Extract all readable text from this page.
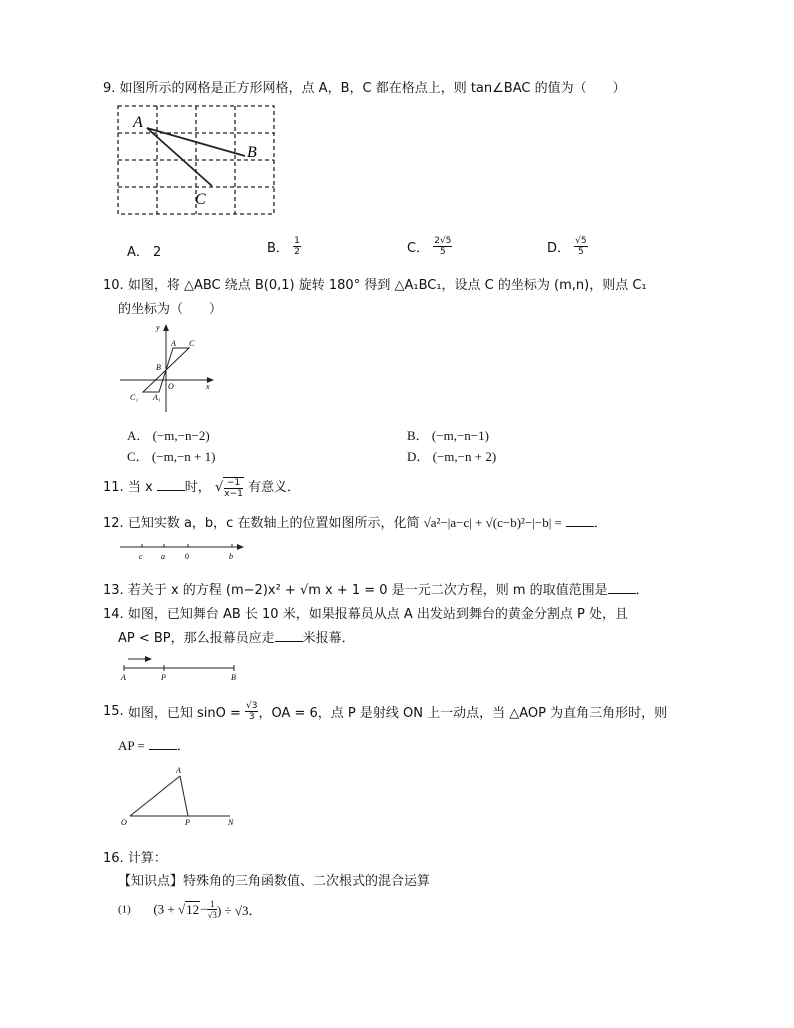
9. 如图所示的网格是正方形网格，点 A，B，C 都在格点上，则 tan∠BAC 的值为（　　）
A
B
C
A． 2	B． $\frac{1}{2}$	C． $\frac{2√5}{5}$	D． $\frac{√5}{5}$
10. 如图，将 △ABC 绕点 B(0,1) 旋转 180° 得到 △A₁BC₁，设点 C 的坐标为 (m,n)，则点 C₁
的坐标为（　　）
y
A C
B
O	x
C₁ A₁
A． (−m,−n−2)	B． (−m,−n−1)
C． (−m,−n + 1)	D． (−m,−n + 2)
11. 当 x 时， √ $\frac{-1}{x-1}$ 有意义．
12. 已知实数 a，b，c 在数轴上的位置如图所示，化简 √a²−|a−c| + √(c−b)²−|−b| = ．
c a	0	b
13. 若关于 x 的方程 (m−2)x² + √m x + 1 = 0 是一元二次方程，则 m 的取值范围是 ．
14. 如图，已知舞台 AB 长 10 米，如果报幕员从点 A 出发站到舞台的黄金分割点 P 处，且
AP < BP，那么报幕员应走 米报幕．
A	P	B
15. 如图，已知 $\sin O = \frac{√3}{3}$ ，OA = 6，点 P 是射线 ON 上一动点，当 △AOP 为直角三角形时，则
AP = ．
A
O	P	N
16. 计算：
【知识点】特殊角的三角函数值、二次根式的混合运算
(1) ($3 + √12- \frac{1}{√3}$ ) ÷ √3．
